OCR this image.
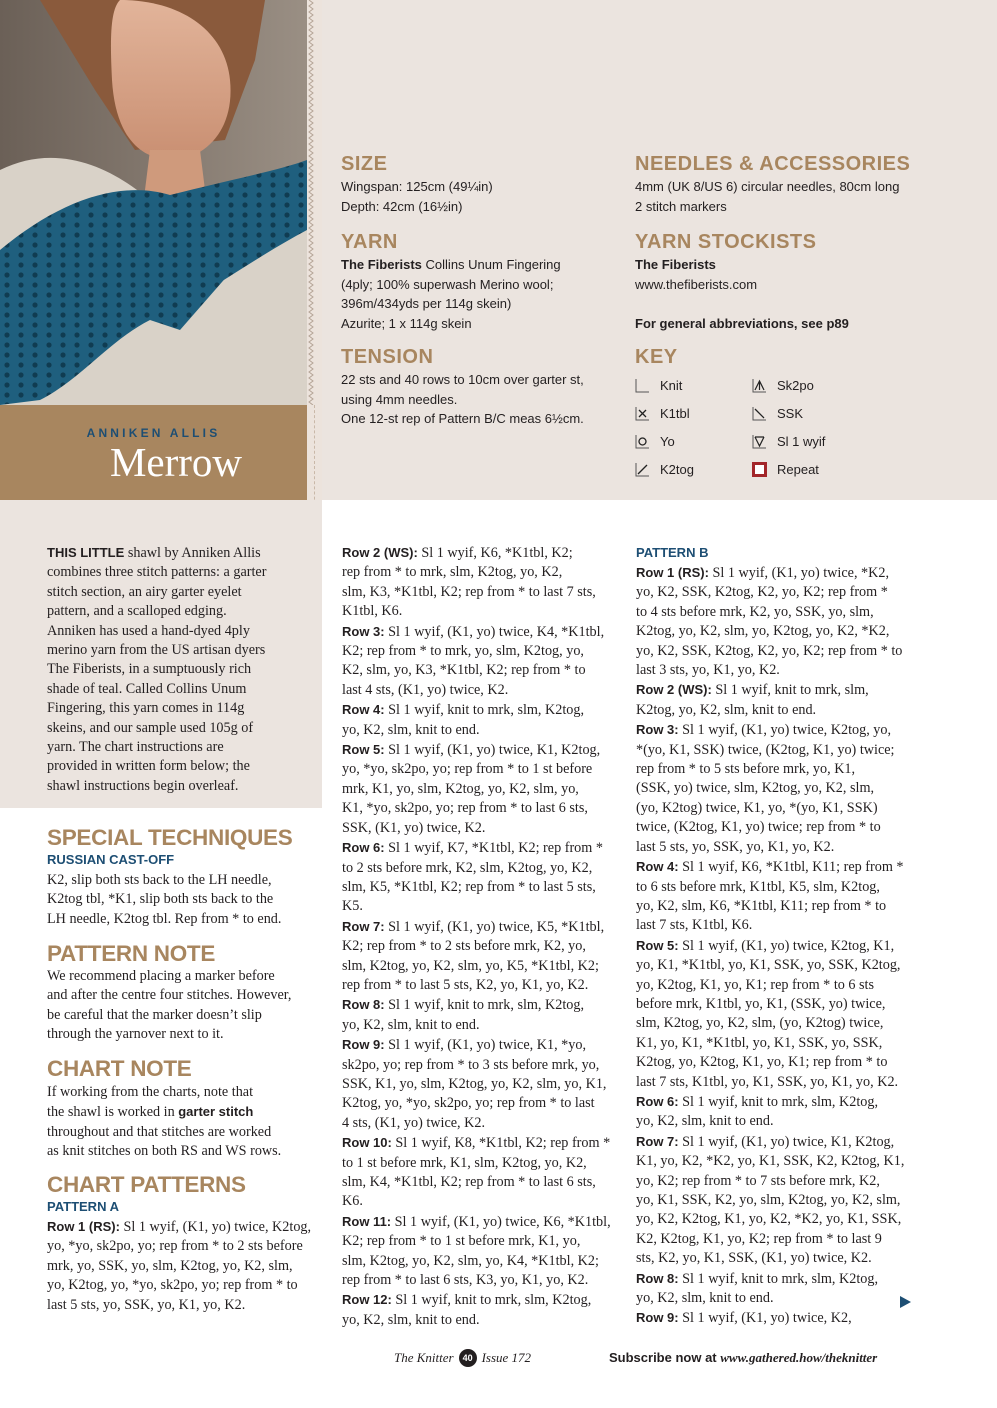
ANNIKEN ALLIS
Merrow
SIZE
Wingspan: 125cm (49¼in)
Depth: 42cm (16½in)
YARN
The Fiberists Collins Unum Fingering
(4ply; 100% superwash Merino wool;
396m/434yds per 114g skein)
Azurite; 1 x 114g skein
TENSION
22 sts and 40 rows to 10cm over garter st,
using 4mm needles.
One 12-st rep of Pattern B/C meas 6½cm.
NEEDLES & ACCESSORIES
4mm (UK 8/US 6) circular needles, 80cm long
2 stitch markers
YARN STOCKISTS
The Fiberists
www.thefiberists.com
For general abbreviations, see p89
KEY
Knit
K1tbl
Yo
K2tog
Sk2po
SSK
Sl 1 wyif
Repeat

THIS LITTLE shawl by Anniken Allis

combines three stitch patterns: a garter

stitch section, an airy garter eyelet

pattern, and a scalloped edging.

Anniken has used a hand-dyed 4ply

merino yarn from the US artisan dyers

The Fiberists, in a sumptuously rich

shade of teal. Called Collins Unum

Fingering, this yarn comes in 114g

skeins, and our sample used 105g of

yarn. The chart instructions are

provided in written form below; the

shawl instructions begin overleaf.

SPECIAL TECHNIQUES
RUSSIAN CAST-OFF

K2, slip both sts back to the LH needle,

K2tog tbl, *K1, slip both sts back to the

LH needle, K2tog tbl. Rep from * to end.

PATTERN NOTE

We recommend placing a marker before

and after the centre four stitches. However,

be careful that the marker doesn’t slip

through the yarnover next to it.

CHART NOTE

If working from the charts, note that

the shawl is worked in garter stitch

throughout and that stitches are worked

as knit stitches on both RS and WS rows.

CHART PATTERNS
PATTERN A

Row 1 (RS): Sl 1 wyif, (K1, yo) twice, K2tog,

yo, *yo, sk2po, yo; rep from * to 2 sts before

mrk, yo, SSK, yo, slm, K2tog, yo, K2, slm,

yo, K2tog, yo, *yo, sk2po, yo; rep from * to

last 5 sts, yo, SSK, yo, K1, yo, K2.

Row 2 (WS): Sl 1 wyif, K6, *K1tbl, K2;

rep from * to mrk, slm, K2tog, yo, K2,

slm, K3, *K1tbl, K2; rep from * to last 7 sts,

K1tbl, K6.

Row 3: Sl 1 wyif, (K1, yo) twice, K4, *K1tbl,

K2; rep from * to mrk, yo, slm, K2tog, yo,

K2, slm, yo, K3, *K1tbl, K2; rep from * to

last 4 sts, (K1, yo) twice, K2.

Row 4: Sl 1 wyif, knit to mrk, slm, K2tog,

yo, K2, slm, knit to end.

Row 5: Sl 1 wyif, (K1, yo) twice, K1, K2tog,

yo, *yo, sk2po, yo; rep from * to 1 st before

mrk, K1, yo, slm, K2tog, yo, K2, slm, yo,

K1, *yo, sk2po, yo; rep from * to last 6 sts,

SSK, (K1, yo) twice, K2.

Row 6: Sl 1 wyif, K7, *K1tbl, K2; rep from *

to 2 sts before mrk, K2, slm, K2tog, yo, K2,

slm, K5, *K1tbl, K2; rep from * to last 5 sts,

K5.

Row 7: Sl 1 wyif, (K1, yo) twice, K5, *K1tbl,

K2; rep from * to 2 sts before mrk, K2, yo,

slm, K2tog, yo, K2, slm, yo, K5, *K1tbl, K2;

rep from * to last 5 sts, K2, yo, K1, yo, K2.

Row 8: Sl 1 wyif, knit to mrk, slm, K2tog,

yo, K2, slm, knit to end.

Row 9: Sl 1 wyif, (K1, yo) twice, K1, *yo,

sk2po, yo; rep from * to 3 sts before mrk, yo,

SSK, K1, yo, slm, K2tog, yo, K2, slm, yo, K1,

K2tog, yo, *yo, sk2po, yo; rep from * to last

4 sts, (K1, yo) twice, K2.

Row 10: Sl 1 wyif, K8, *K1tbl, K2; rep from *

to 1 st before mrk, K1, slm, K2tog, yo, K2,

slm, K4, *K1tbl, K2; rep from * to last 6 sts,

K6.

Row 11: Sl 1 wyif, (K1, yo) twice, K6, *K1tbl,

K2; rep from * to 1 st before mrk, K1, yo,

slm, K2tog, yo, K2, slm, yo, K4, *K1tbl, K2;

rep from * to last 6 sts, K3, yo, K1, yo, K2.

Row 12: Sl 1 wyif, knit to mrk, slm, K2tog,

yo, K2, slm, knit to end.

PATTERN B

Row 1 (RS): Sl 1 wyif, (K1, yo) twice, *K2,

yo, K2, SSK, K2tog, K2, yo, K2; rep from *

to 4 sts before mrk, K2, yo, SSK, yo, slm,

K2tog, yo, K2, slm, yo, K2tog, yo, K2, *K2,

yo, K2, SSK, K2tog, K2, yo, K2; rep from * to

last 3 sts, yo, K1, yo, K2.

Row 2 (WS): Sl 1 wyif, knit to mrk, slm,

K2tog, yo, K2, slm, knit to end.

Row 3: Sl 1 wyif, (K1, yo) twice, K2tog, yo,

*(yo, K1, SSK) twice, (K2tog, K1, yo) twice;

rep from * to 5 sts before mrk, yo, K1,

(SSK, yo) twice, slm, K2tog, yo, K2, slm,

(yo, K2tog) twice, K1, yo, *(yo, K1, SSK)

twice, (K2tog, K1, yo) twice; rep from * to

last 5 sts, yo, SSK, yo, K1, yo, K2.

Row 4: Sl 1 wyif, K6, *K1tbl, K11; rep from *

to 6 sts before mrk, K1tbl, K5, slm, K2tog,

yo, K2, slm, K6, *K1tbl, K11; rep from * to

last 7 sts, K1tbl, K6.

Row 5: Sl 1 wyif, (K1, yo) twice, K2tog, K1,

yo, K1, *K1tbl, yo, K1, SSK, yo, SSK, K2tog,

yo, K2tog, K1, yo, K1; rep from * to 6 sts

before mrk, K1tbl, yo, K1, (SSK, yo) twice,

slm, K2tog, yo, K2, slm, (yo, K2tog) twice,

K1, yo, K1, *K1tbl, yo, K1, SSK, yo, SSK,

K2tog, yo, K2tog, K1, yo, K1; rep from * to

last 7 sts, K1tbl, yo, K1, SSK, yo, K1, yo, K2.

Row 6: Sl 1 wyif, knit to mrk, slm, K2tog,

yo, K2, slm, knit to end.

Row 7: Sl 1 wyif, (K1, yo) twice, K1, K2tog,

K1, yo, K2, *K2, yo, K1, SSK, K2, K2tog, K1,

yo, K2; rep from * to 7 sts before mrk, K2,

yo, K1, SSK, K2, yo, slm, K2tog, yo, K2, slm,

yo, K2, K2tog, K1, yo, K2, *K2, yo, K1, SSK,

K2, K2tog, K1, yo, K2; rep from * to last 9

sts, K2, yo, K1, SSK, (K1, yo) twice, K2.

Row 8: Sl 1 wyif, knit to mrk, slm, K2tog,

yo, K2, slm, knit to end.

Row 9: Sl 1 wyif, (K1, yo) twice, K2,

The Knitter 40 Issue 172	Subscribe now at www.gathered.how/theknitter
